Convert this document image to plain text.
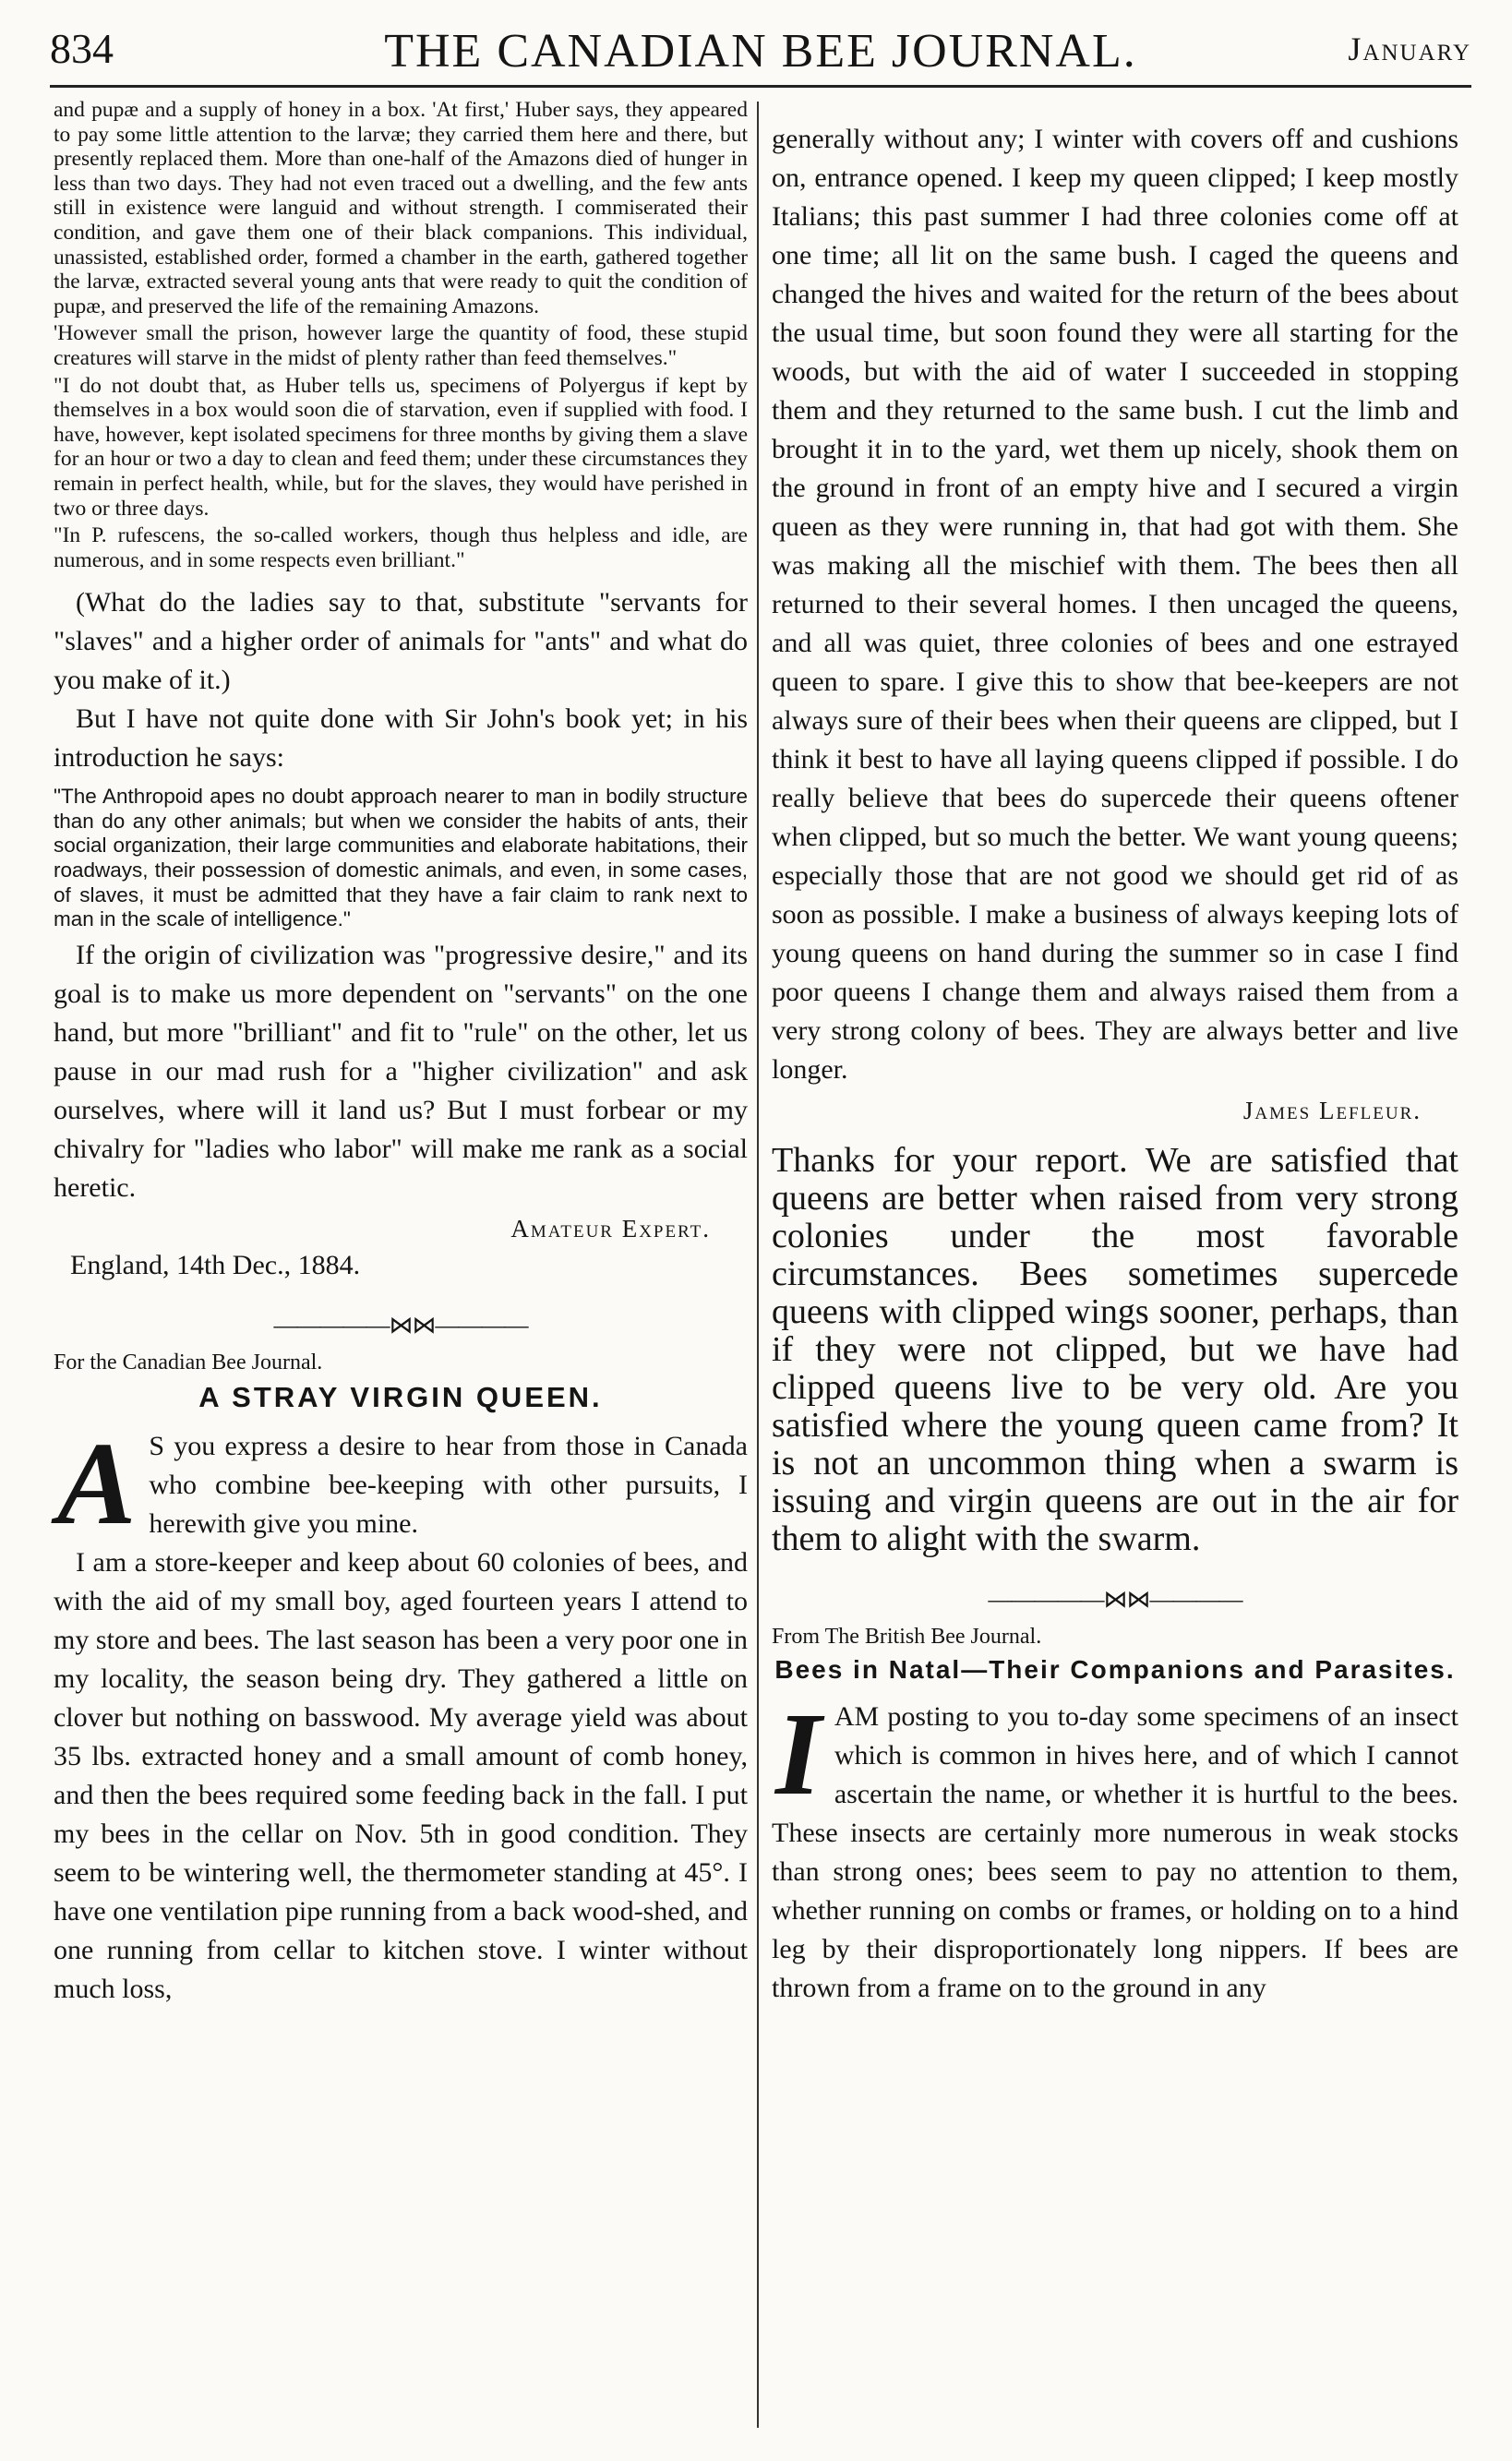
834	THE CANADIAN BEE JOURNAL.	January

and pupæ and a supply of honey in a box. 'At first,' Huber says, they appeared to pay some little attention to the larvæ; they carried them here and there, but presently replaced them. More than one-half of the Amazons died of hunger in less than two days. They had not even traced out a dwelling, and the few ants still in existence were languid and without strength. I commiserated their condition, and gave them one of their black companions. This individual, unassisted, established order, formed a chamber in the earth, gathered together the larvæ, extracted several young ants that were ready to quit the condition of pupæ, and preserved the life of the remaining Amazons.

'However small the prison, however large the quantity of food, these stupid creatures will starve in the midst of plenty rather than feed themselves."

"I do not doubt that, as Huber tells us, specimens of Polyergus if kept by themselves in a box would soon die of starvation, even if supplied with food. I have, however, kept isolated specimens for three months by giving them a slave for an hour or two a day to clean and feed them; under these circumstances they remain in perfect health, while, but for the slaves, they would have perished in two or three days.

"In P. rufescens, the so-called workers, though thus helpless and idle, are numerous, and in some respects even brilliant."

(What do the ladies say to that, substitute "servants for "slaves" and a higher order of animals for "ants" and what do you make of it.)

But I have not quite done with Sir John's book yet; in his introduction he says:

"The Anthropoid apes no doubt approach nearer to man in bodily structure than do any other animals; but when we consider the habits of ants, their social organization, their large communities and elaborate habitations, their roadways, their possession of domestic animals, and even, in some cases, of slaves, it must be admitted that they have a fair claim to rank next to man in the scale of intelligence."

If the origin of civilization was "progressive desire," and its goal is to make us more dependent on "servants" on the one hand, but more "brilliant" and fit to "rule" on the other, let us pause in our mad rush for a "higher civilization" and ask ourselves, where will it land us? But I must forbear or my chivalry for "ladies who labor" will make me rank as a social heretic.

Amateur Expert.
England, 14th Dec., 1884.
—————⋈⋈————
For the Canadian Bee Journal.
A STRAY VIRGIN QUEEN.

A S you express a desire to hear from those in Canada who combine bee-keeping with other pursuits, I herewith give you mine.

I am a store-keeper and keep about 60 colonies of bees, and with the aid of my small boy, aged fourteen years I attend to my store and bees. The last season has been a very poor one in my locality, the season being dry. They gathered a little on clover but nothing on basswood. My average yield was about 35 lbs. extracted honey and a small amount of comb honey, and then the bees required some feeding back in the fall. I put my bees in the cellar on Nov. 5th in good condition. They seem to be wintering well, the thermometer standing at 45°. I have one ventilation pipe running from a back wood-shed, and one running from cellar to kitchen stove. I winter without much loss,

generally without any; I winter with covers off and cushions on, entrance opened. I keep my queen clipped; I keep mostly Italians; this past summer I had three colonies come off at one time; all lit on the same bush. I caged the queens and changed the hives and waited for the return of the bees about the usual time, but soon found they were all starting for the woods, but with the aid of water I succeeded in stopping them and they returned to the same bush. I cut the limb and brought it in to the yard, wet them up nicely, shook them on the ground in front of an empty hive and I secured a virgin queen as they were running in, that had got with them. She was making all the mischief with them. The bees then all returned to their several homes. I then uncaged the queens, and all was quiet, three colonies of bees and one estrayed queen to spare. I give this to show that bee-keepers are not always sure of their bees when their queens are clipped, but I think it best to have all laying queens clipped if possible. I do really believe that bees do supercede their queens oftener when clipped, but so much the better. We want young queens; especially those that are not good we should get rid of as soon as possible. I make a business of always keeping lots of young queens on hand during the summer so in case I find poor queens I change them and always raised them from a very strong colony of bees. They are always better and live longer.

James Lefleur.

Thanks for your report. We are satisfied that queens are better when raised from very strong colonies under the most favorable circumstances. Bees sometimes supercede queens with clipped wings sooner, perhaps, than if they were not clipped, but we have had clipped queens live to be very old. Are you satisfied where the young queen came from? It is not an uncommon thing when a swarm is issuing and virgin queens are out in the air for them to alight with the swarm.

—————⋈⋈————
From The British Bee Journal.
Bees in Natal—Their Companions and Parasites.

IAM posting to you to-day some specimens of an insect which is common in hives here, and of which I cannot ascertain the name, or whether it is hurtful to the bees. These insects are certainly more numerous in weak stocks than strong ones; bees seem to pay no attention to them, whether running on combs or frames, or holding on to a hind leg by their disproportionately long nippers. If bees are thrown from a frame on to the ground in any
